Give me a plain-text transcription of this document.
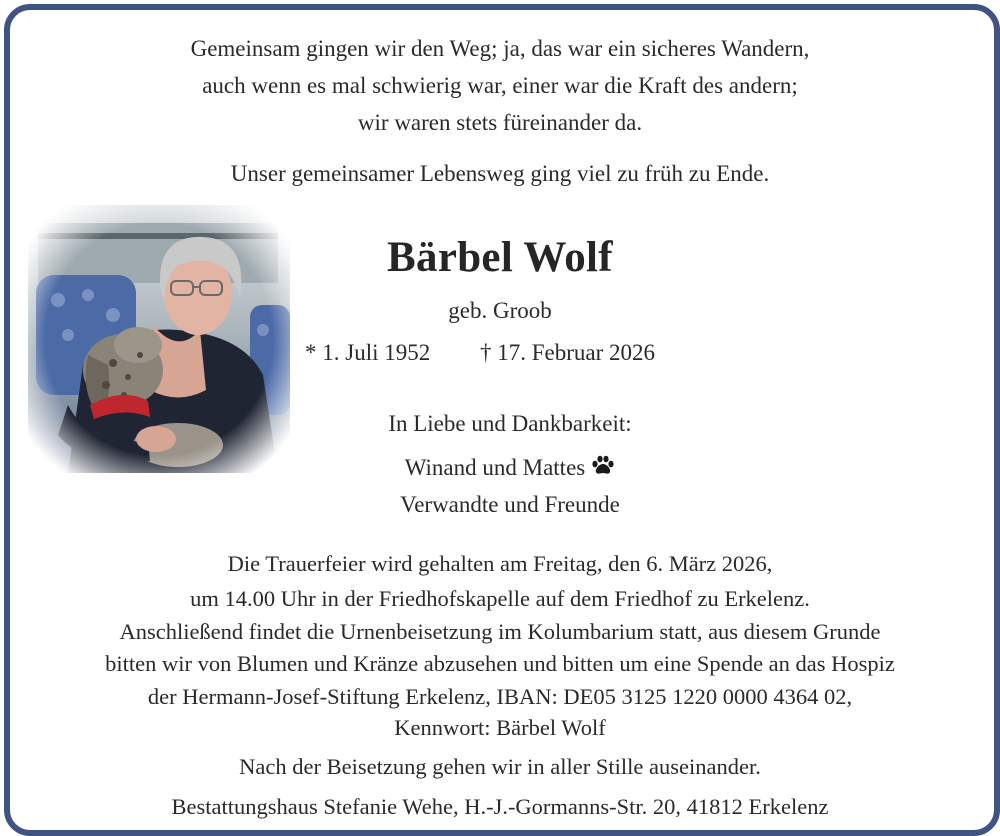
Gemeinsam gingen wir den Weg; ja, das war ein sicheres Wandern,
auch wenn es mal schwierig war, einer war die Kraft des andern;
wir waren stets füreinander da.
Unser gemeinsamer Lebensweg ging viel zu früh zu Ende.
Bärbel Wolf
geb. Groob
* 1. Juli 1952 † 17. Februar 2026
In Liebe und Dankbarkeit:
Winand und Mattes
Verwandte und Freunde
Die Trauerfeier wird gehalten am Freitag, den 6. März 2026,
um 14.00 Uhr in der Friedhofskapelle auf dem Friedhof zu Erkelenz.
Anschließend findet die Urnenbeisetzung im Kolumbarium statt, aus diesem Grunde
bitten wir von Blumen und Kränze abzusehen und bitten um eine Spende an das Hospiz
der Hermann-Josef-Stiftung Erkelenz, IBAN: DE05 3125 1220 0000 4364 02,
Kennwort: Bärbel Wolf
Nach der Beisetzung gehen wir in aller Stille auseinander.
Bestattungshaus Stefanie Wehe, H.-J.-Gormanns-Str. 20, 41812 Erkelenz
